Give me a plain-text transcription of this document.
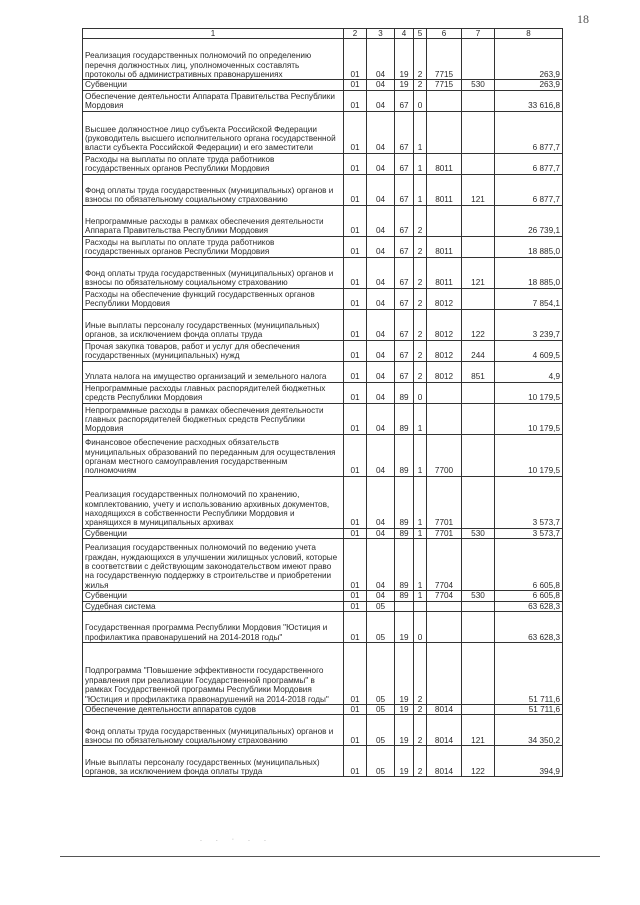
18
1	2	3	4	5	6	7	8
Реализация государственных полномочий по определению перечня должностных лиц, уполномоченных составлять протоколы об административных правонарушениях	01	04	19	2	7715		263,9
Субвенции	01	04	19	2	7715	530	263,9
Обеспечение деятельности Аппарата Правительства Республики Мордовия	01	04	67	0			33 616,8
Высшее должностное лицо субъекта Российской Федерации (руководитель высшего исполнительного органа государственной власти субъекта Российской Федерации) и его заместители	01	04	67	1			6 877,7
Расходы на выплаты по оплате труда работников государственных органов Республики Мордовия	01	04	67	1	8011		6 877,7
Фонд оплаты труда государственных (муниципальных) органов и взносы по обязательному социальному страхованию	01	04	67	1	8011	121	6 877,7
Непрограммные расходы в рамках обеспечения деятельности Аппарата Правительства Республики Мордовия	01	04	67	2			26 739,1
Расходы на выплаты по оплате труда работников государственных органов Республики Мордовия	01	04	67	2	8011		18 885,0
Фонд оплаты труда государственных (муниципальных) органов и взносы по обязательному социальному страхованию	01	04	67	2	8011	121	18 885,0
Расходы на обеспечение функций государственных органов Республики Мордовия	01	04	67	2	8012		7 854,1
Иные выплаты персоналу государственных (муниципальных) органов, за исключением фонда оплаты труда	01	04	67	2	8012	122	3 239,7
Прочая закупка товаров, работ и услуг для обеспечения государственных (муниципальных) нужд	01	04	67	2	8012	244	4 609,5
Уплата налога на имущество организаций и земельного налога	01	04	67	2	8012	851	4,9
Непрограммные расходы главных распорядителей бюджетных средств Республики Мордовия	01	04	89	0			10 179,5
Непрограммные расходы в рамках обеспечения деятельности главных распорядителей бюджетных средств Республики Мордовия	01	04	89	1			10 179,5
Финансовое обеспечение расходных обязательств муниципальных образований по переданным для осуществления органам местного самоуправления государственным полномочиям	01	04	89	1	7700		10 179,5
Реализация государственных полномочий по хранению, комплектованию, учету и использованию архивных документов, находящихся в собственности Республики Мордовия и хранящихся в муниципальных архивах	01	04	89	1	7701		3 573,7
Субвенции	01	04	89	1	7701	530	3 573,7
Реализация государственных полномочий по ведению учета граждан, нуждающихся в улучшении жилищных условий, которые в соответствии с действующим законодательством имеют право на государственную поддержку в строительстве и приобретении жилья	01	04	89	1	7704		6 605,8
Субвенции	01	04	89	1	7704	530	6 605,8
Судебная система	01	05					63 628,3
Государственная программа Республики Мордовия "Юстиция и профилактика правонарушений на 2014-2018 годы"	01	05	19	0			63 628,3
Подпрограмма "Повышение эффективности государственного управления при реализации Государственной программы" в рамках Государственной программы Республики Мордовия "Юстиция и профилактика правонарушений на 2014-2018 годы"	01	05	19	2			51 711,6
Обеспечение деятельности аппаратов судов	01	05	19	2	8014		51 711,6
Фонд оплаты труда государственных (муниципальных) органов и взносы по обязательному социальному страхованию	01	05	19	2	8014	121	34 350,2
Иные выплаты персоналу государственных (муниципальных) органов, за исключением фонда оплаты труда	01	05	19	2	8014	122	394,9
. . · . .
